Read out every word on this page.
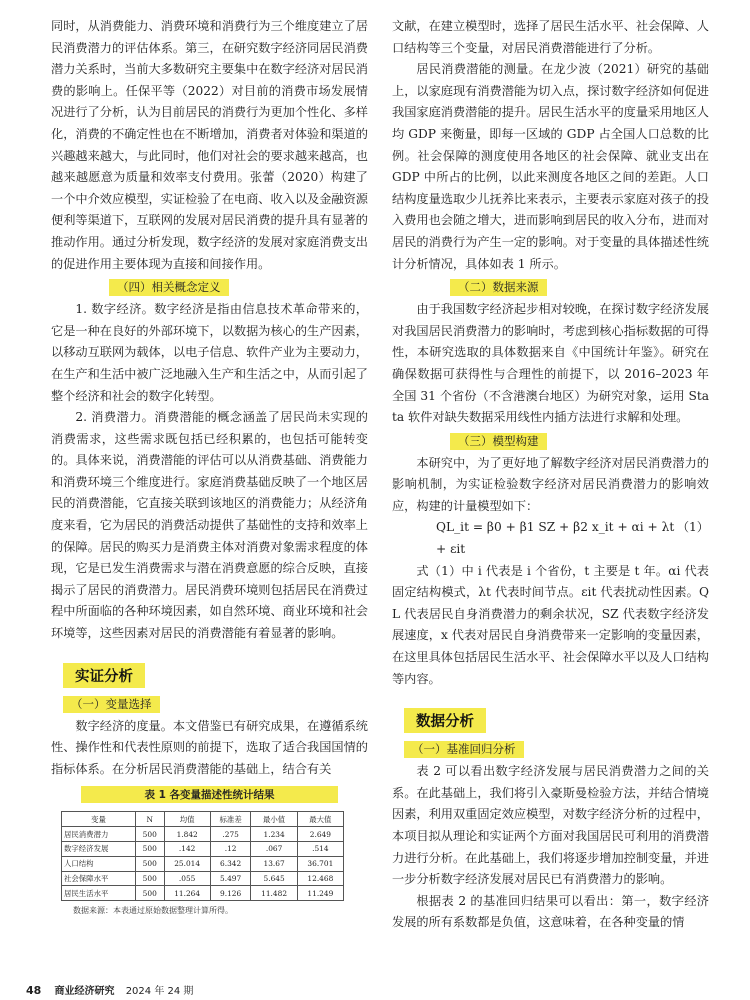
同时，从消费能力、消费环境和消费行为三个维度建立了居民消费潜力的评估体系。第三，在研究数字经济同居民消费潜力关系时，当前大多数研究主要集中在数字经济对居民消费的影响上。任保平等（2022）对目前的消费市场发展情况进行了分析，认为目前居民的消费行为更加个性化、多样化，消费的不确定性也在不断增加，消费者对体验和渠道的兴趣越来越大，与此同时，他们对社会的要求越来越高，也越来越愿意为质量和效率支付费用。张蕾（2020）构建了一个中介效应模型，实证检验了在电商、收入以及金融资源便利等渠道下，互联网的发展对居民消费的提升具有显著的推动作用。通过分析发现，数字经济的发展对家庭消费支出的促进作用主要体现为直接和间接作用。

（四）相关概念定义

1. 数字经济。数字经济是指由信息技术革命带来的，它是一种在良好的外部环境下，以数据为核心的生产因素，以移动互联网为载体，以电子信息、软件产业为主要动力，在生产和生活中被广泛地融入生产和生活之中，从而引起了整个经济和社会的数字化转型。

2. 消费潜力。消费潜能的概念涵盖了居民尚未实现的消费需求，这些需求既包括已经积累的，也包括可能转变的。具体来说，消费潜能的评估可以从消费基础、消费能力和消费环境三个维度进行。家庭消费基础反映了一个地区居民的消费潜能，它直接关联到该地区的消费能力；从经济角度来看，它为居民的消费活动提供了基础性的支持和效率上的保障。居民的购买力是消费主体对消费对象需求程度的体现，它是已发生消费需求与潜在消费意愿的综合反映，直接揭示了居民的消费潜力。居民消费环境则包括居民在消费过程中所面临的各种环境因素，如自然环境、商业环境和社会环境等，这些因素对居民的消费潜能有着显著的影响。

实证分析
（一）变量选择

数字经济的度量。本文借鉴已有研究成果，在遵循系统性、操作性和代表性原则的前提下，选取了适合我国国情的指标体系。在分析居民消费潜能的基础上，结合有关

表 1 各变量描述性统计结果
变量	N	均值	标准差	最小值	最大值
居民消费潜力	500	1.842	.275	1.234	2.649
数字经济发展	500	.142	.12	.067	.514
人口结构	500	25.014	6.342	13.67	36.701
社会保障水平	500	.055	5.497	5.645	12.468
居民生活水平	500	11.264	9.126	11.482	11.249

数据来源：本表通过原始数据整理计算所得。

文献，在建立模型时，选择了居民生活水平、社会保障、人口结构等三个变量，对居民消费潜能进行了分析。

居民消费潜能的测量。在龙少波（2021）研究的基础上，以家庭现有消费潜能为切入点，探讨数字经济如何促进我国家庭消费潜能的提升。居民生活水平的度量采用地区人均 GDP 来衡量，即每一区域的 GDP 占全国人口总数的比例。社会保障的测度使用各地区的社会保障、就业支出在 GDP 中所占的比例，以此来测度各地区之间的差距。人口结构度量选取少儿抚养比来表示，主要表示家庭对孩子的投入费用也会随之增大，进而影响到居民的收入分布，进而对居民的消费行为产生一定的影响。对于变量的具体描述性统计分析情况，具体如表 1 所示。

（二）数据来源

由于我国数字经济起步相对较晚，在探讨数字经济发展对我国居民消费潜力的影响时，考虑到核心指标数据的可得性，本研究选取的具体数据来自《中国统计年鉴》。研究在确保数据可获得性与合理性的前提下，以 2016–2023 年全国 31 个省份（不含港澳台地区）为研究对象，运用 Stata 软件对缺失数据采用线性内插方法进行求解和处理。

（三）模型构建

本研究中，为了更好地了解数字经济对居民消费潜力的影响机制，为实证检验数字经济对居民消费潜力的影响效应，构建的计量模型如下：

QL_it = β0 + β1 SZ + β2 x_it + αi + λt + εit
（1）

式（1）中 i 代表是 i 个省份，t 主要是 t 年。αi 代表固定结构模式，λt 代表时间节点。εit 代表扰动性因素。QL 代表居民自身消费潜力的剩余状况，SZ 代表数字经济发展速度，x 代表对居民自身消费带来一定影响的变量因素，在这里具体包括居民生活水平、社会保障水平以及人口结构等内容。

数据分析
（一）基准回归分析

表 2 可以看出数字经济发展与居民消费潜力之间的关系。在此基础上，我们将引入豪斯曼检验方法，并结合情境因素，利用双重固定效应模型，对数字经济分析的过程中，本项目拟从理论和实证两个方面对我国居民可利用的消费潜力进行分析。在此基础上，我们将逐步增加控制变量，并进一步分析数字经济发展对居民已有消费潜力的影响。

根据表 2 的基准回归结果可以看出：第一，数字经济发展的所有系数都是负值，这意味着，在各种变量的情

48 商业经济研究 2024 年 24 期
